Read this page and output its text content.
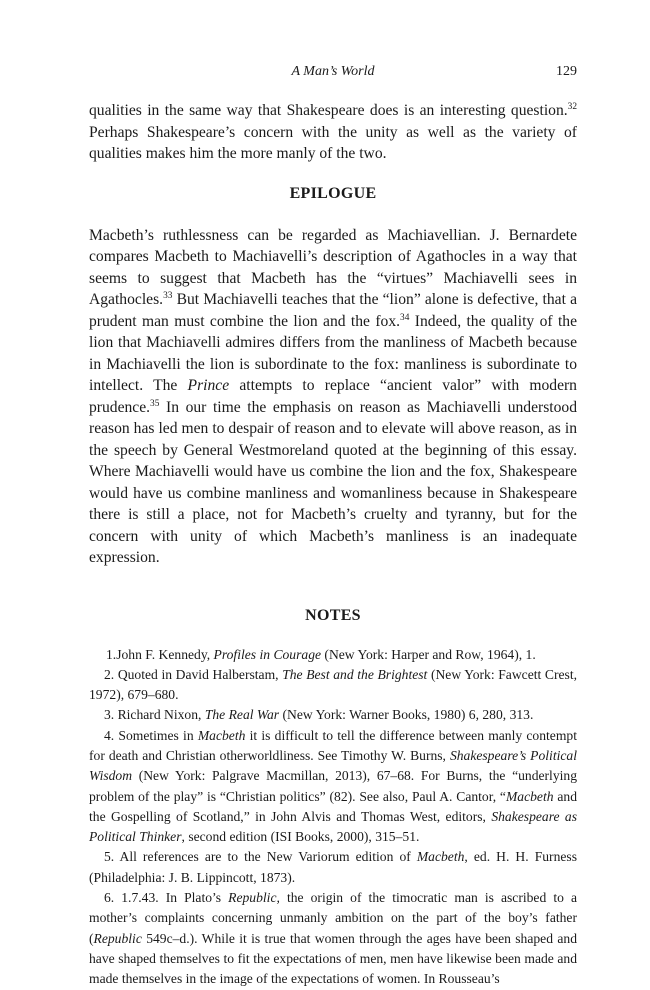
A Man’s World	129

qualities in the same way that Shakespeare does is an interesting question.$^{32}$ Perhaps Shakespeare’s concern with the unity as well as the variety of qualities makes him the more manly of the two.

EPILOGUE

Macbeth’s ruthlessness can be regarded as Machiavellian. J. Bernardete compares Macbeth to Machiavelli’s description of Agathocles in a way that seems to suggest that Macbeth has the “virtues” Machiavelli sees in Agathocles.$^{33}$ But Machiavelli teaches that the “lion” alone is defective, that a prudent man must combine the lion and the fox.$^{34}$ Indeed, the quality of the lion that Machiavelli admires differs from the manliness of Macbeth because in Machiavelli the lion is subordinate to the fox: manliness is subordinate to intellect. The Prince attempts to replace “ancient valor” with modern prudence.$^{35}$ In our time the emphasis on reason as Machiavelli understood reason has led men to despair of reason and to elevate will above reason, as in the speech by General Westmoreland quoted at the beginning of this essay. Where Machiavelli would have us combine the lion and the fox, Shakespeare would have us combine manliness and womanliness because in Shakespeare there is still a place, not for Macbeth’s cruelty and tyranny, but for the concern with unity of which Macbeth’s manliness is an inadequate expression.

NOTES

1.John F. Kennedy, Profiles in Courage (New York: Harper and Row, 1964), 1.

2. Quoted in David Halberstam, The Best and the Brightest (New York: Fawcett Crest, 1972), 679–680.

3. Richard Nixon, The Real War (New York: Warner Books, 1980) 6, 280, 313.

4. Sometimes in Macbeth it is difficult to tell the difference between manly contempt for death and Christian otherworldliness. See Timothy W. Burns, Shakespeare’s Political Wisdom (New York: Palgrave Macmillan, 2013), 67–68. For Burns, the “underlying problem of the play” is “Christian politics” (82). See also, Paul A. Cantor, “Macbeth and the Gospelling of Scotland,” in John Alvis and Thomas West, editors, Shakespeare as Political Thinker, second edition (ISI Books, 2000), 315–51.

5. All references are to the New Variorum edition of Macbeth, ed. H. H. Furness (Philadelphia: J. B. Lippincott, 1873).

6. 1.7.43. In Plato’s Republic, the origin of the timocratic man is ascribed to a mother’s complaints concerning unmanly ambition on the part of the boy’s father (Republic 549c–d.). While it is true that women through the ages have been shaped and have shaped themselves to fit the expectations of men, men have likewise been made and made themselves in the image of the expectations of women. In Rousseau’s
